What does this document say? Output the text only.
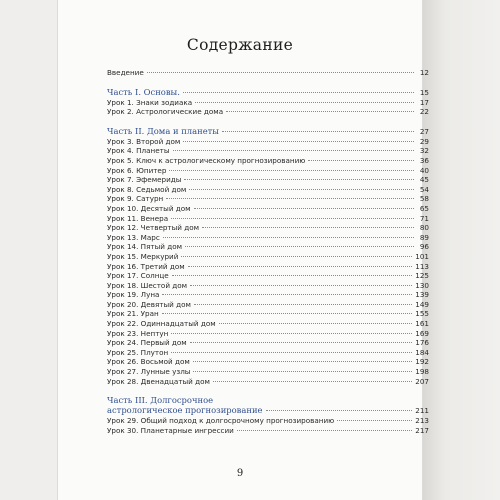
Содержание
Введение	12
Часть I. Основы.	15
Урок 1. Знаки зодиака	17
Урок 2. Астрологические дома	22
Часть II. Дома и планеты	27
Урок 3. Второй дом	29
Урок 4. Планеты	32
Урок 5. Ключ к астрологическому прогнозированию	36
Урок 6. Юпитер	40
Урок 7. Эфемериды	45
Урок 8. Седьмой дом	54
Урок 9. Сатурн	58
Урок 10. Десятый дом	65
Урок 11. Венера	71
Урок 12. Четвертый дом	80
Урок 13. Марс	89
Урок 14. Пятый дом	96
Урок 15. Меркурий	101
Урок 16. Третий дом	113
Урок 17. Солнце	125
Урок 18. Шестой дом	130
Урок 19. Луна	139
Урок 20. Девятый дом	149
Урок 21. Уран	155
Урок 22. Одиннадцатый дом	161
Урок 23. Нептун	169
Урок 24. Первый дом	176
Урок 25. Плутон	184
Урок 26. Восьмой дом	192
Урок 27. Лунные узлы	198
Урок 28. Двенадцатый дом	207
Часть III. Долгосрочное
астрологическое прогнозирование	211
Урок 29. Общий подход к долгосрочному прогнозированию	213
Урок 30. Планетарные ингрессии	217
9
